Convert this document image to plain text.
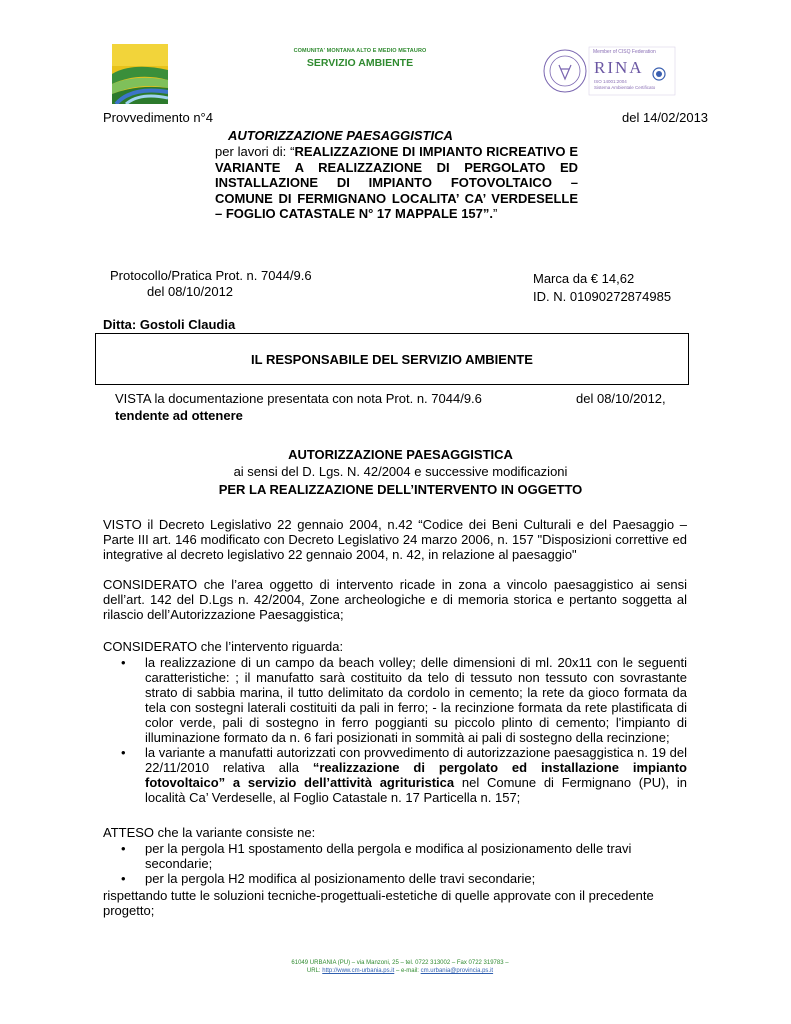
COMUNITA' MONTANA ALTO E MEDIO METAURO
SERVIZIO AMBIENTE
Member of CISQ Federation
RINA
ISO 14001:2004
Sistema Ambientale Certificato
Provvedimento n°4	del 14/02/2013
AUTORIZZAZIONE PAESAGGISTICA
per lavori di: “REALIZZAZIONE DI IMPIANTO RICREATIVO E VARIANTE A REALIZZAZIONE DI PERGOLATO ED INSTALLAZIONE DI IMPIANTO FOTOVOLTAICO – COMUNE DI FERMIGNANO LOCALITA’ CA’ VERDESELLE – FOGLIO CATASTALE N° 17 MAPPALE 157”.”
Protocollo/Pratica Prot. n. 7044/9.6
del 08/10/2012
Marca da € 14,62
ID. N. 01090272874985
Ditta: Gostoli Claudia
IL RESPONSABILE DEL SERVIZIO AMBIENTE
VISTA la documentazione presentata con nota Prot. n. 7044/9.6	del 08/10/2012,
tendente ad ottenere
AUTORIZZAZIONE PAESAGGISTICA
ai sensi del D. Lgs. N. 42/2004 e successive modificazioni
PER LA REALIZZAZIONE DELL’INTERVENTO IN OGGETTO
VISTO il Decreto Legislativo 22 gennaio 2004, n.42 “Codice dei Beni Culturali e del Paesaggio – Parte III art. 146 modificato con Decreto Legislativo 24 marzo 2006, n. 157 "Disposizioni correttive ed integrative al decreto legislativo 22 gennaio 2004, n. 42, in relazione al paesaggio"
CONSIDERATO che l’area oggetto di intervento ricade in zona a vincolo paesaggistico ai sensi dell’art. 142 del D.Lgs n. 42/2004, Zone archeologiche e di memoria storica e pertanto soggetta al rilascio dell’Autorizzazione Paesaggistica;
CONSIDERATO che l’intervento riguarda:
• la realizzazione di un campo da beach volley; delle dimensioni di ml. 20x11 con le seguenti caratteristiche: ; il manufatto sarà costituito da telo di tessuto non tessuto con sovrastante strato di sabbia marina, il tutto delimitato da cordolo in cemento; la rete da gioco formata da tela con sostegni laterali costituiti da pali in ferro; - la recinzione formata da rete plastificata di color verde, pali di sostegno in ferro poggianti su piccolo plinto di cemento; l'impianto di illuminazione formato da n. 6 fari posizionati in sommità ai pali di sostegno della recinzione;
• la variante a manufatti autorizzati con provvedimento di autorizzazione paesaggistica n. 19 del 22/11/2010 relativa alla “realizzazione di pergolato ed installazione impianto fotovoltaico” a servizio dell’attività agrituristica nel Comune di Fermignano (PU), in località Ca’ Verdeselle, al Foglio Catastale n. 17 Particella n. 157;
ATTESO che la variante consiste ne:
• per la pergola H1 spostamento della pergola e modifica al posizionamento delle travi secondarie;
• per la pergola H2 modifica al posizionamento delle travi secondarie;
rispettando tutte le soluzioni tecniche-progettuali-estetiche di quelle approvate con il precedente progetto;
61049 URBANIA (PU) – via Manzoni, 25 – tel. 0722 313002 – Fax 0722 319783 –
URL: http://www.cm-urbania.ps.it – e-mail: cm.urbania@provincia.ps.it
